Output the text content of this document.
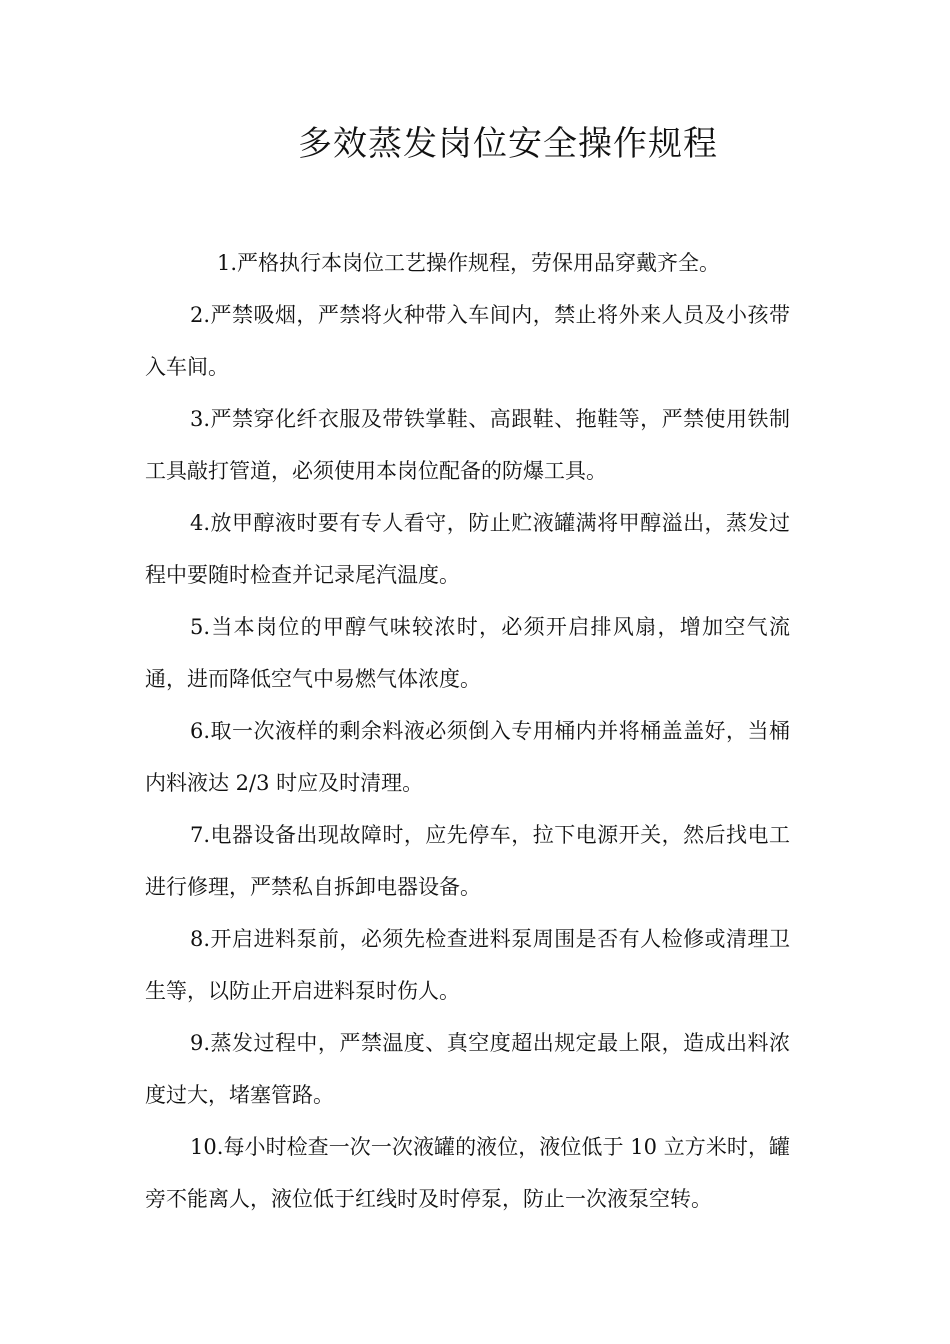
多效蒸发岗位安全操作规程

1.严格执行本岗位工艺操作规程，劳保用品穿戴齐全。

2.严禁吸烟，严禁将火种带入车间内，禁止将外来人员及小孩带入车间。

3.严禁穿化纤衣服及带铁掌鞋、高跟鞋、拖鞋等，严禁使用铁制工具敲打管道，必须使用本岗位配备的防爆工具。

4.放甲醇液时要有专人看守，防止贮液罐满将甲醇溢出，蒸发过程中要随时检查并记录尾汽温度。

5.当本岗位的甲醇气味较浓时，必须开启排风扇，增加空气流通，进而降低空气中易燃气体浓度。

6.取一次液样的剩余料液必须倒入专用桶内并将桶盖盖好，当桶内料液达 2/3 时应及时清理。

7.电器设备出现故障时，应先停车，拉下电源开关，然后找电工进行修理，严禁私自拆卸电器设备。

8.开启进料泵前，必须先检查进料泵周围是否有人检修或清理卫生等，以防止开启进料泵时伤人。

9.蒸发过程中，严禁温度、真空度超出规定最上限，造成出料浓度过大，堵塞管路。

10.每小时检查一次一次液罐的液位，液位低于 10 立方米时，罐旁不能离人，液位低于红线时及时停泵，防止一次液泵空转。
